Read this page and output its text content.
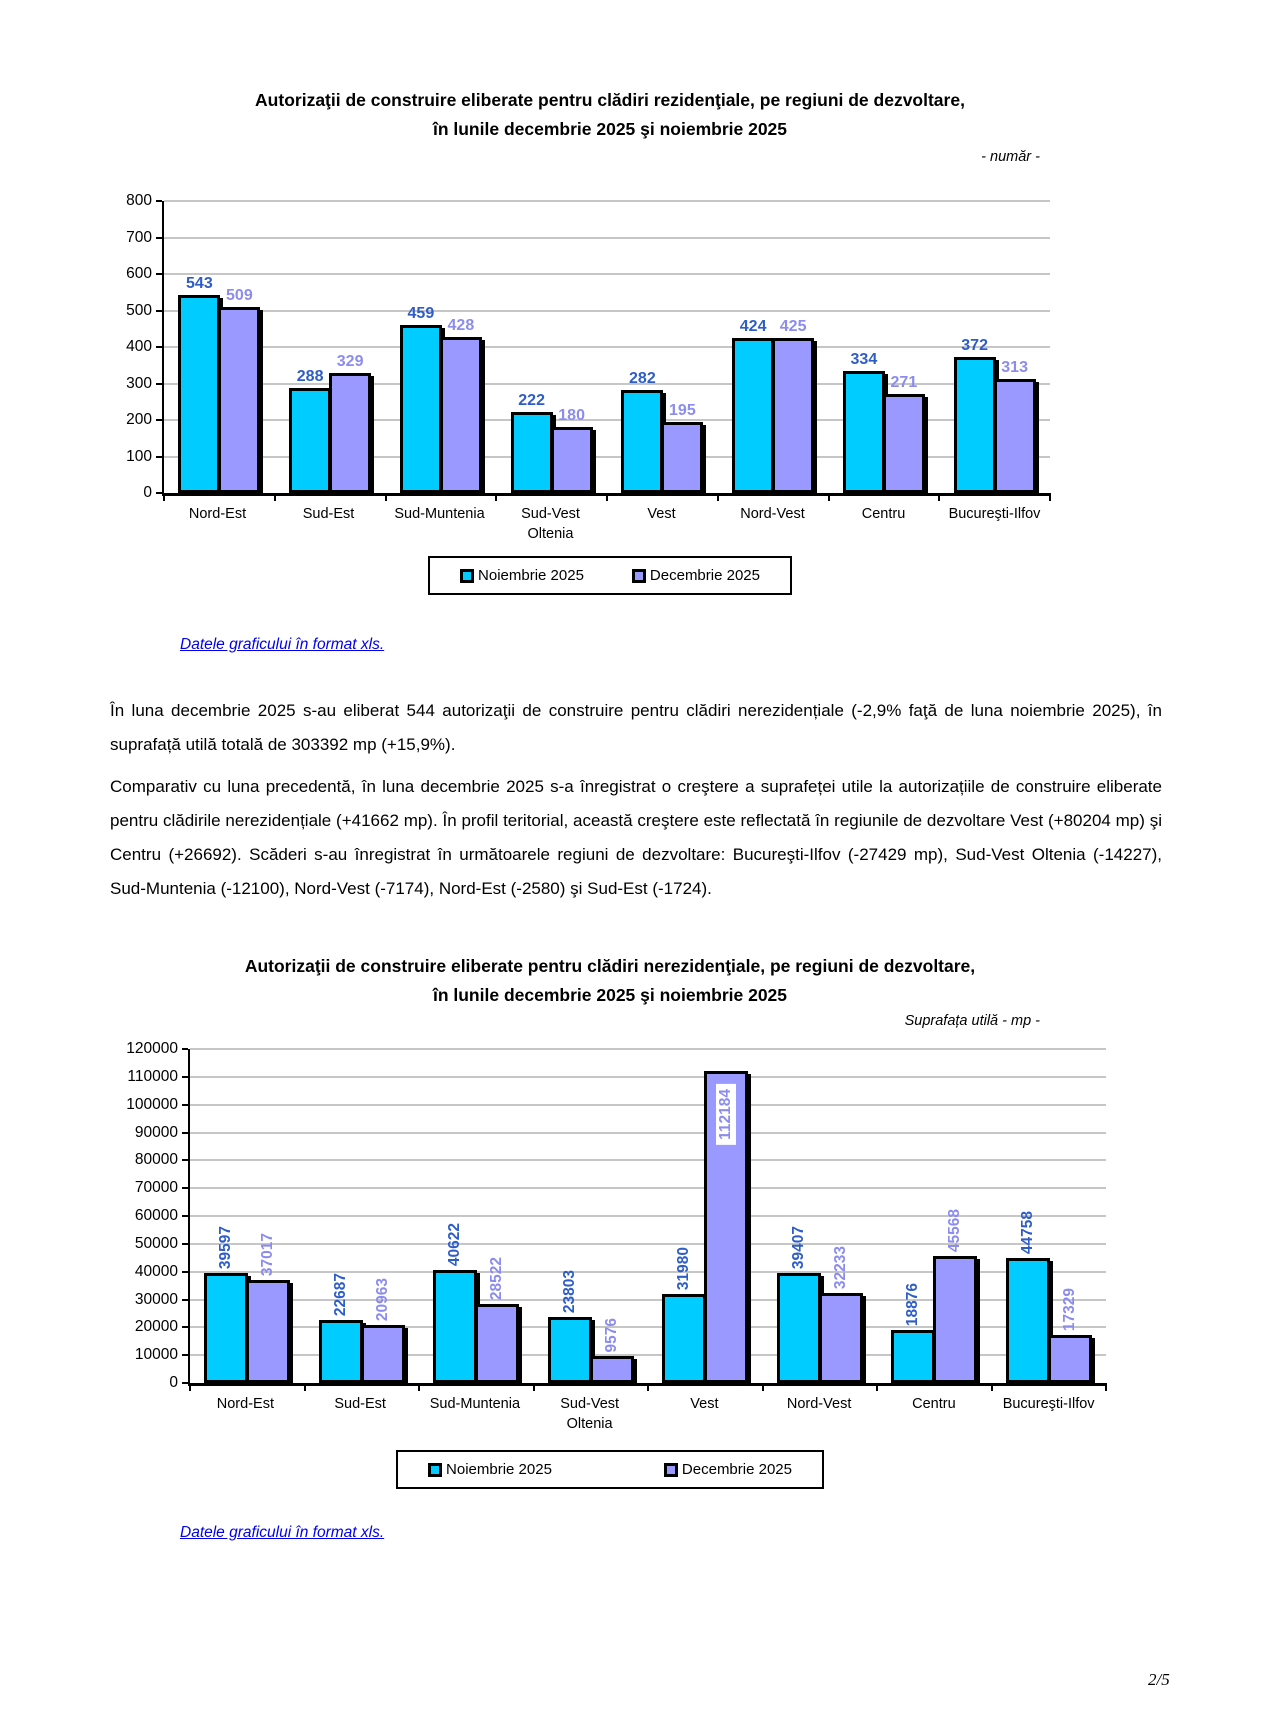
Autorizaţii de construire eliberate pentru clădiri rezidenţiale, pe regiuni de dezvoltare,
în lunile decembrie 2025 şi noiembrie 2025
- număr -
0
100
200
300
400
500
600
700
800
543
509
288
329
459
428
222
180
282
195
424 425
334
271
372
313
Nord-Est	Sud-Est	Sud-Muntenia	Sud-Vest Oltenia
Vest	Nord-Vest	Centru	Bucureşti-Ilfov
Noiembrie 2025	Decembrie 2025
Datele graficului în format xls.

În luna decembrie 2025 s-au eliberat 544 autorizaţii de construire pentru clădiri nerezidențiale (-2,9% faţă de luna noiembrie 2025), în suprafață utilă totală de 303392 mp (+15,9%).

Comparativ cu luna precedentă, în luna decembrie 2025 s-a înregistrat o creştere a suprafeței utile la autorizațiile de construire eliberate pentru clădirile nerezidențiale (+41662 mp). În profil teritorial, această creştere este reflectată în regiunile de dezvoltare Vest (+80204 mp) şi Centru (+26692). Scăderi s-au înregistrat în următoarele regiuni de dezvoltare: Bucureşti-Ilfov (-27429 mp), Sud-Vest Oltenia (-14227), Sud-Muntenia (-12100), Nord-Vest (-7174), Nord-Est (-2580) şi Sud-Est (-1724).

Autorizaţii de construire eliberate pentru clădiri nerezidenţiale, pe regiuni de dezvoltare,
în lunile decembrie 2025 şi noiembrie 2025
Suprafața utilă - mp -
0
10000
20000
30000
40000
50000
60000
70000
80000
90000
100000
110000
120000
39597 37017
22687 20963
40622
28522	23803
9576
31980
112184
39407 32233
18876
45568	44758
17329
Nord-Est	Sud-Est	Sud-Muntenia	Sud-Vest Oltenia
Vest	Nord-Vest	Centru	Bucureşti-Ilfov
Noiembrie 2025	Decembrie 2025
Datele graficului în format xls.
2/5
